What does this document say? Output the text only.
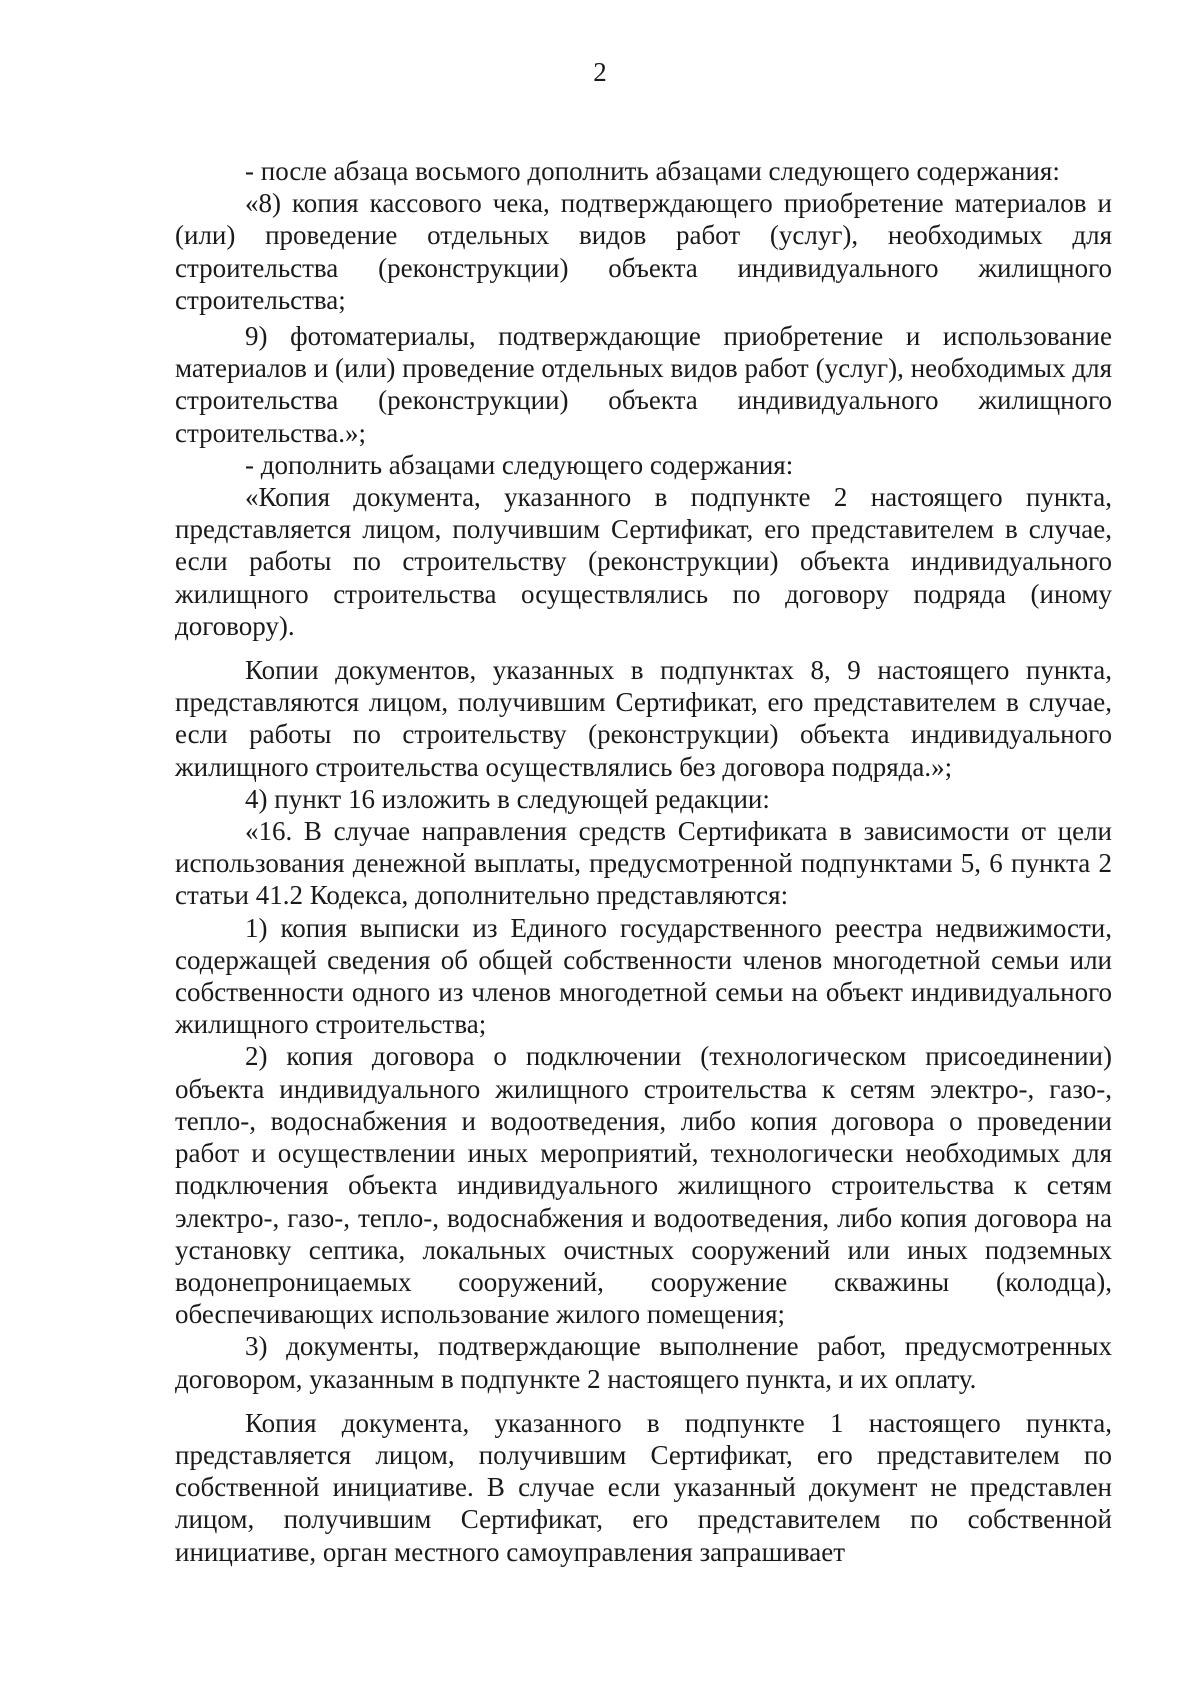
2

- после абзаца восьмого дополнить абзацами следующего содержания:

«8) копия кассового чека, подтверждающего приобретение материалов и (или) проведение отдельных видов работ (услуг), необходимых для строительства (реконструкции) объекта индивидуального жилищного строительства;

9) фотоматериалы, подтверждающие приобретение и использование материалов и (или) проведение отдельных видов работ (услуг), необходимых для строительства (реконструкции) объекта индивидуального жилищного строительства.»;

- дополнить абзацами следующего содержания:

«Копия документа, указанного в подпункте 2 настоящего пункта, представляется лицом, получившим Сертификат, его представителем в случае, если работы по строительству (реконструкции) объекта индивидуального жилищного строительства осуществлялись по договору подряда (иному договору).

Копии документов, указанных в подпунктах 8, 9 настоящего пункта, представляются лицом, получившим Сертификат, его представителем в случае, если работы по строительству (реконструкции) объекта индивидуального жилищного строительства осуществлялись без договора подряда.»;

4) пункт 16 изложить в следующей редакции:

«16. В случае направления средств Сертификата в зависимости от цели использования денежной выплаты, предусмотренной подпунктами 5, 6 пункта 2 статьи 41.2 Кодекса, дополнительно представляются:

1) копия выписки из Единого государственного реестра недвижимости, содержащей сведения об общей собственности членов многодетной семьи или собственности одного из членов многодетной семьи на объект индивидуального жилищного строительства;

2) копия договора о подключении (технологическом присоединении) объекта индивидуального жилищного строительства к сетям электро-, газо-, тепло-, водоснабжения и водоотведения, либо копия договора о проведении работ и осуществлении иных мероприятий, технологически необходимых для подключения объекта индивидуального жилищного строительства к сетям электро-, газо-, тепло-, водоснабжения и водоотведения, либо копия договора на установку септика, локальных очистных сооружений или иных подземных водонепроницаемых сооружений, сооружение скважины (колодца), обеспечивающих использование жилого помещения;

3) документы, подтверждающие выполнение работ, предусмотренных договором, указанным в подпункте 2 настоящего пункта, и их оплату.

Копия документа, указанного в подпункте 1 настоящего пункта, представляется лицом, получившим Сертификат, его представителем по собственной инициативе. В случае если указанный документ не представлен лицом, получившим Сертификат, его представителем по собственной инициативе, орган местного самоуправления запрашивает
